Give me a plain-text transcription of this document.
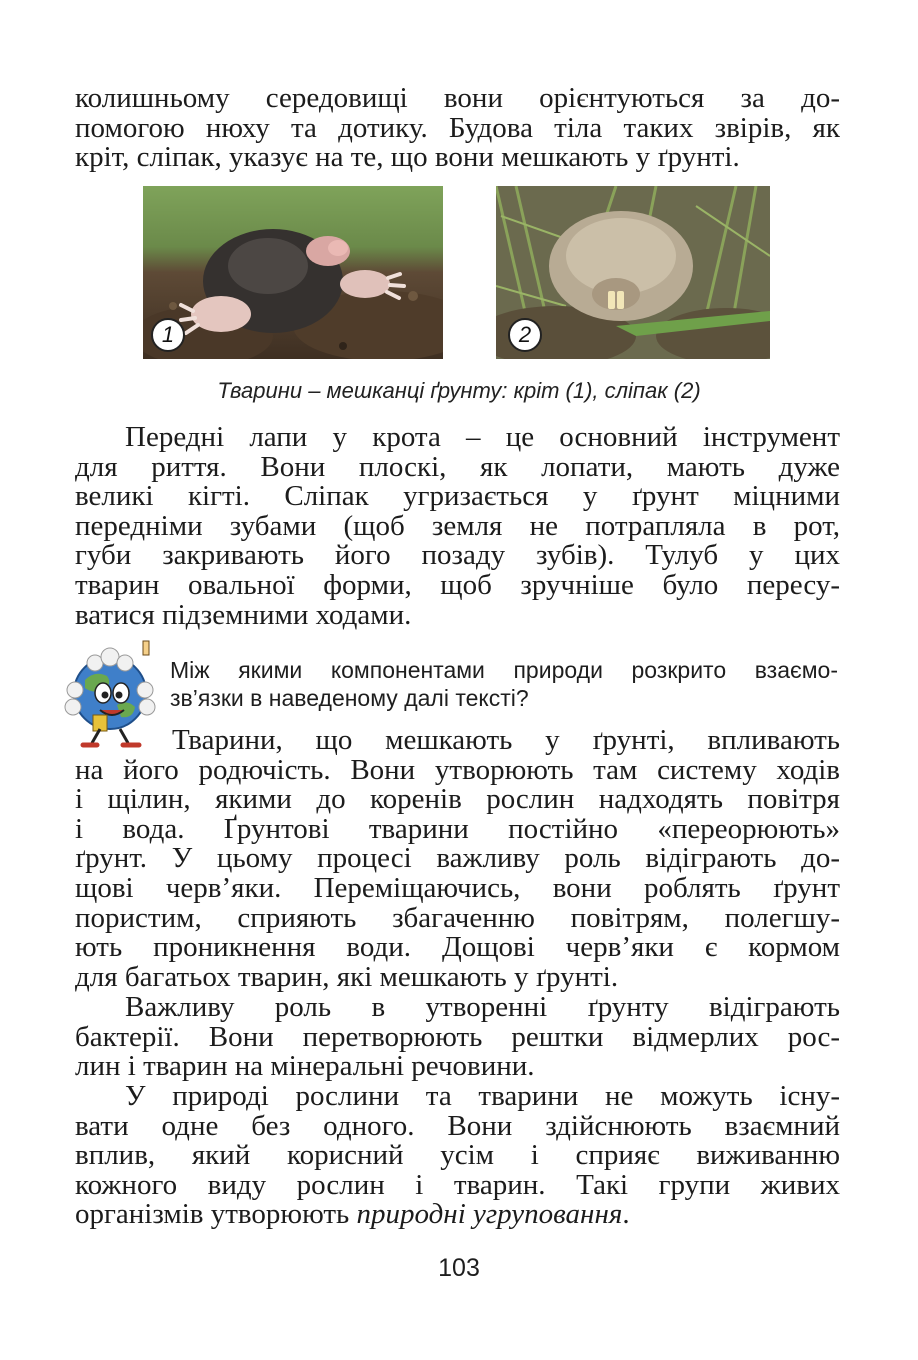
колишньому середовищі вони орієнтуються за до-
помогою нюху та дотику. Будова тіла таких звірів, як
кріт, сліпак, указує на те, що вони мешкають у ґрунті.
1	2
Тварини – мешканці ґрунту: кріт (1), сліпак (2)
Передні лапи у крота – це основний інструмент
для риття. Вони плоскі, як лопати, мають дуже
великі кігті. Сліпак угризається у ґрунт міцними
передніми зубами (щоб земля не потрапляла в рот,
губи закривають його позаду зубів). Тулуб у цих
тварин овальної форми, щоб зручніше було пересу-
ватися підземними ходами.
Між якими компонентами природи розкрито взаємо-
зв’язки в наведеному далі тексті?
Тварини, що мешкають у ґрунті, впливають
на його родючість. Вони утворюють там систему ходів
і щілин, якими до коренів рослин надходять повітря
і вода. Ґрунтові тварини постійно «переорюють»
ґрунт. У цьому процесі важливу роль відіграють до-
щові черв’яки. Переміщаючись, вони роблять ґрунт
пористим, сприяють збагаченню повітрям, полегшу-
ють проникнення води. Дощові черв’яки є кормом
для багатьох тварин, які мешкають у ґрунті.
Важливу роль в утворенні ґрунту відіграють
бактерії. Вони перетворюють рештки відмерлих рос-
лин і тварин на мінеральні речовини.
У природі рослини та тварини не можуть існу-
вати одне без одного. Вони здійснюють взаємний
вплив, який корисний усім і сприяє виживанню
кожного виду рослин і тварин. Такі групи живих
організмів утворюють природні угруповання.
103
